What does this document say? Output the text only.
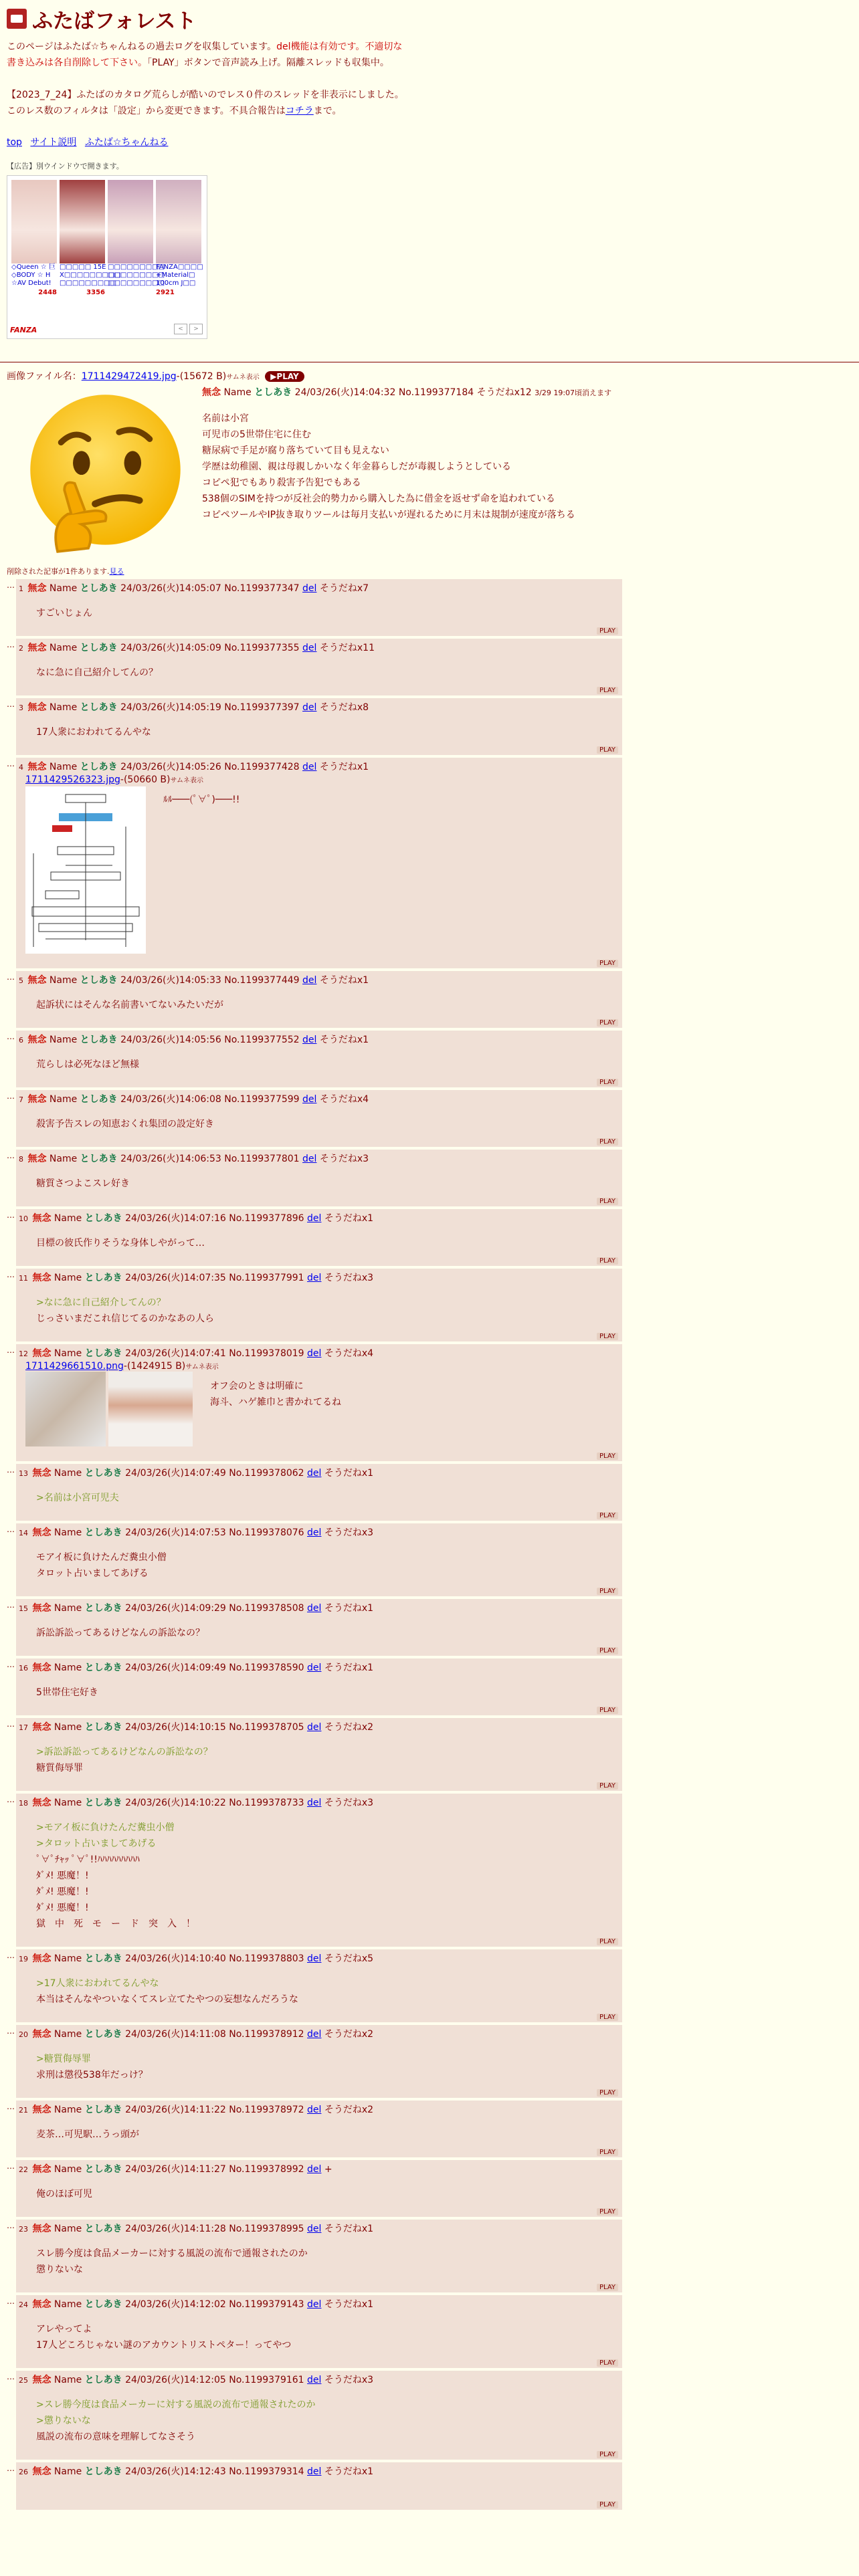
ふたばフォレスト

このページはふたば☆ちゃんねるの過去ログを収集しています。del機能は有効です。不適切な書き込みは各自削除して下さい。「PLAY」ボタンで音声読み上げ。隔離スレッドも収集中。

【2023_7_24】ふたばのカタログ荒らしが酷いのでレス０件のスレッドを非表示にしました。このレス数のフィルタは「設定」から変更できます。不具合報告はコチラまで。

top サイト説明 ふたば☆ちゃんねる
【広告】別ウインドウで開きます。
FANZA	<	>
◇Queen ☆ 巨
◇BODY ☆ H
☆AV Debut!
2448
□□□□□ 15E
X□□□□□□□□□
□□□□□□□□□
3356
□□□□□□□□□
□□□□□□□□□
□□□□□□□□□
FANZA□□□□
+Material□
100cm J□□
2921
画像ファイル名：1711429472419.jpg-(15672 B)サムネ表示 ▶PLAY
無念 Name としあき 24/03/26(火)14:04:32 No.1199377184 そうだねx12 3/29 19:07頃消えます
名前は小宮
可児市の5世帯住宅に住む
糖尿病で手足が腐り落ちていて目も見えない
学歴は幼稚園、親は母親しかいなく年金暮らしだが毒親しようとしている
コピペ犯でもあり殺害予告犯でもある
538個のSIMを持つが反社会的勢力から購入した為に借金を返せず命を追われている
コピペツールやIP抜き取りツールは毎月支払いが遅れるために月末は規制が速度が落ちる
削除された記事が1件あります.見る
… 1 無念 Name としあき 24/03/26(火)14:05:07 No.1199377347 del そうだねx7
すごいじょん
PLAY
… 2 無念 Name としあき 24/03/26(火)14:05:09 No.1199377355 del そうだねx11
なに急に自己紹介してんの？
PLAY
… 3 無念 Name としあき 24/03/26(火)14:05:19 No.1199377397 del そうだねx8
17人衆におわれてるんやな
PLAY
… 4 無念 Name としあき 24/03/26(火)14:05:26 No.1199377428 del そうだねx1
1711429526323.jpg-(50660 B)サムネ表示
ﾙﾙ───(ﾟ∀ﾟ)───!!
PLAY
… 5 無念 Name としあき 24/03/26(火)14:05:33 No.1199377449 del そうだねx1
起訴状にはそんな名前書いてないみたいだが
PLAY
… 6 無念 Name としあき 24/03/26(火)14:05:56 No.1199377552 del そうだねx1
荒らしは必死なほど無様
PLAY
… 7 無念 Name としあき 24/03/26(火)14:06:08 No.1199377599 del そうだねx4
殺害予告スレの知恵おくれ集団の設定好き
PLAY
… 8 無念 Name としあき 24/03/26(火)14:06:53 No.1199377801 del そうだねx3
糖質さつよこスレ好き
PLAY
… 10 無念 Name としあき 24/03/26(火)14:07:16 No.1199377896 del そうだねx1
目標の彼氏作りそうな身体しやがって…
PLAY
… 11 無念 Name としあき 24/03/26(火)14:07:35 No.1199377991 del そうだねx3
>なに急に自己紹介してんの？
じっさいまだこれ信じてるのかなあの人ら
PLAY
… 12 無念 Name としあき 24/03/26(火)14:07:41 No.1199378019 del そうだねx4
1711429661510.png-(1424915 B)サムネ表示
オフ会のときは明確に
海斗、ハゲ雑巾と書かれてるね
PLAY
… 13 無念 Name としあき 24/03/26(火)14:07:49 No.1199378062 del そうだねx1
>名前は小宮可児夫
PLAY
… 14 無念 Name としあき 24/03/26(火)14:07:53 No.1199378076 del そうだねx3
モアイ板に負けたんだ糞虫小僧
タロット占いましてあげる
PLAY
… 15 無念 Name としあき 24/03/26(火)14:09:29 No.1199378508 del そうだねx1
訴訟訴訟ってあるけどなんの訴訟なの？
PLAY
… 16 無念 Name としあき 24/03/26(火)14:09:49 No.1199378590 del そうだねx1
5世帯住宅好き
PLAY
… 17 無念 Name としあき 24/03/26(火)14:10:15 No.1199378705 del そうだねx2
>訴訟訴訟ってあるけどなんの訴訟なの？
糖質侮辱罪
PLAY
… 18 無念 Name としあき 24/03/26(火)14:10:22 No.1199378733 del そうだねx3
>モアイ板に負けたんだ糞虫小僧
>タロット占いましてあげる
ﾟ∀ﾟﾁｬｯ ﾟ∀ﾟ!!ﾊﾊﾊﾊﾊﾊﾊﾊﾊ
ﾀﾞﾒ! 悪魔！!
ﾀﾞﾒ! 悪魔！!
ﾀﾞﾒ! 悪魔！!
獄　中　死　モ　ー　ド　突　入　！
PLAY
… 19 無念 Name としあき 24/03/26(火)14:10:40 No.1199378803 del そうだねx5
>17人衆におわれてるんやな
本当はそんなやついなくてスレ立てたやつの妄想なんだろうな
PLAY
… 20 無念 Name としあき 24/03/26(火)14:11:08 No.1199378912 del そうだねx2
>糖質侮辱罪
求刑は懲役538年だっけ？
PLAY
… 21 無念 Name としあき 24/03/26(火)14:11:22 No.1199378972 del そうだねx2
麦茶…可児駅…うっ頭が
PLAY
… 22 無念 Name としあき 24/03/26(火)14:11:27 No.1199378992 del +
俺のほぼ可児
PLAY
… 23 無念 Name としあき 24/03/26(火)14:11:28 No.1199378995 del そうだねx1
スレ勝今度は食品メーカーに対する風説の流布で通報されたのか
懲りないな
PLAY
… 24 無念 Name としあき 24/03/26(火)14:12:02 No.1199379143 del そうだねx1
アレやってよ
17人どころじゃない謎のアカウントリストペター！ってやつ
PLAY
… 25 無念 Name としあき 24/03/26(火)14:12:05 No.1199379161 del そうだねx3
>スレ勝今度は食品メーカーに対する風説の流布で通報されたのか
>懲りないな
風説の流布の意味を理解してなさそう
PLAY
… 26 無念 Name としあき 24/03/26(火)14:12:43 No.1199379314 del そうだねx1
PLAY
